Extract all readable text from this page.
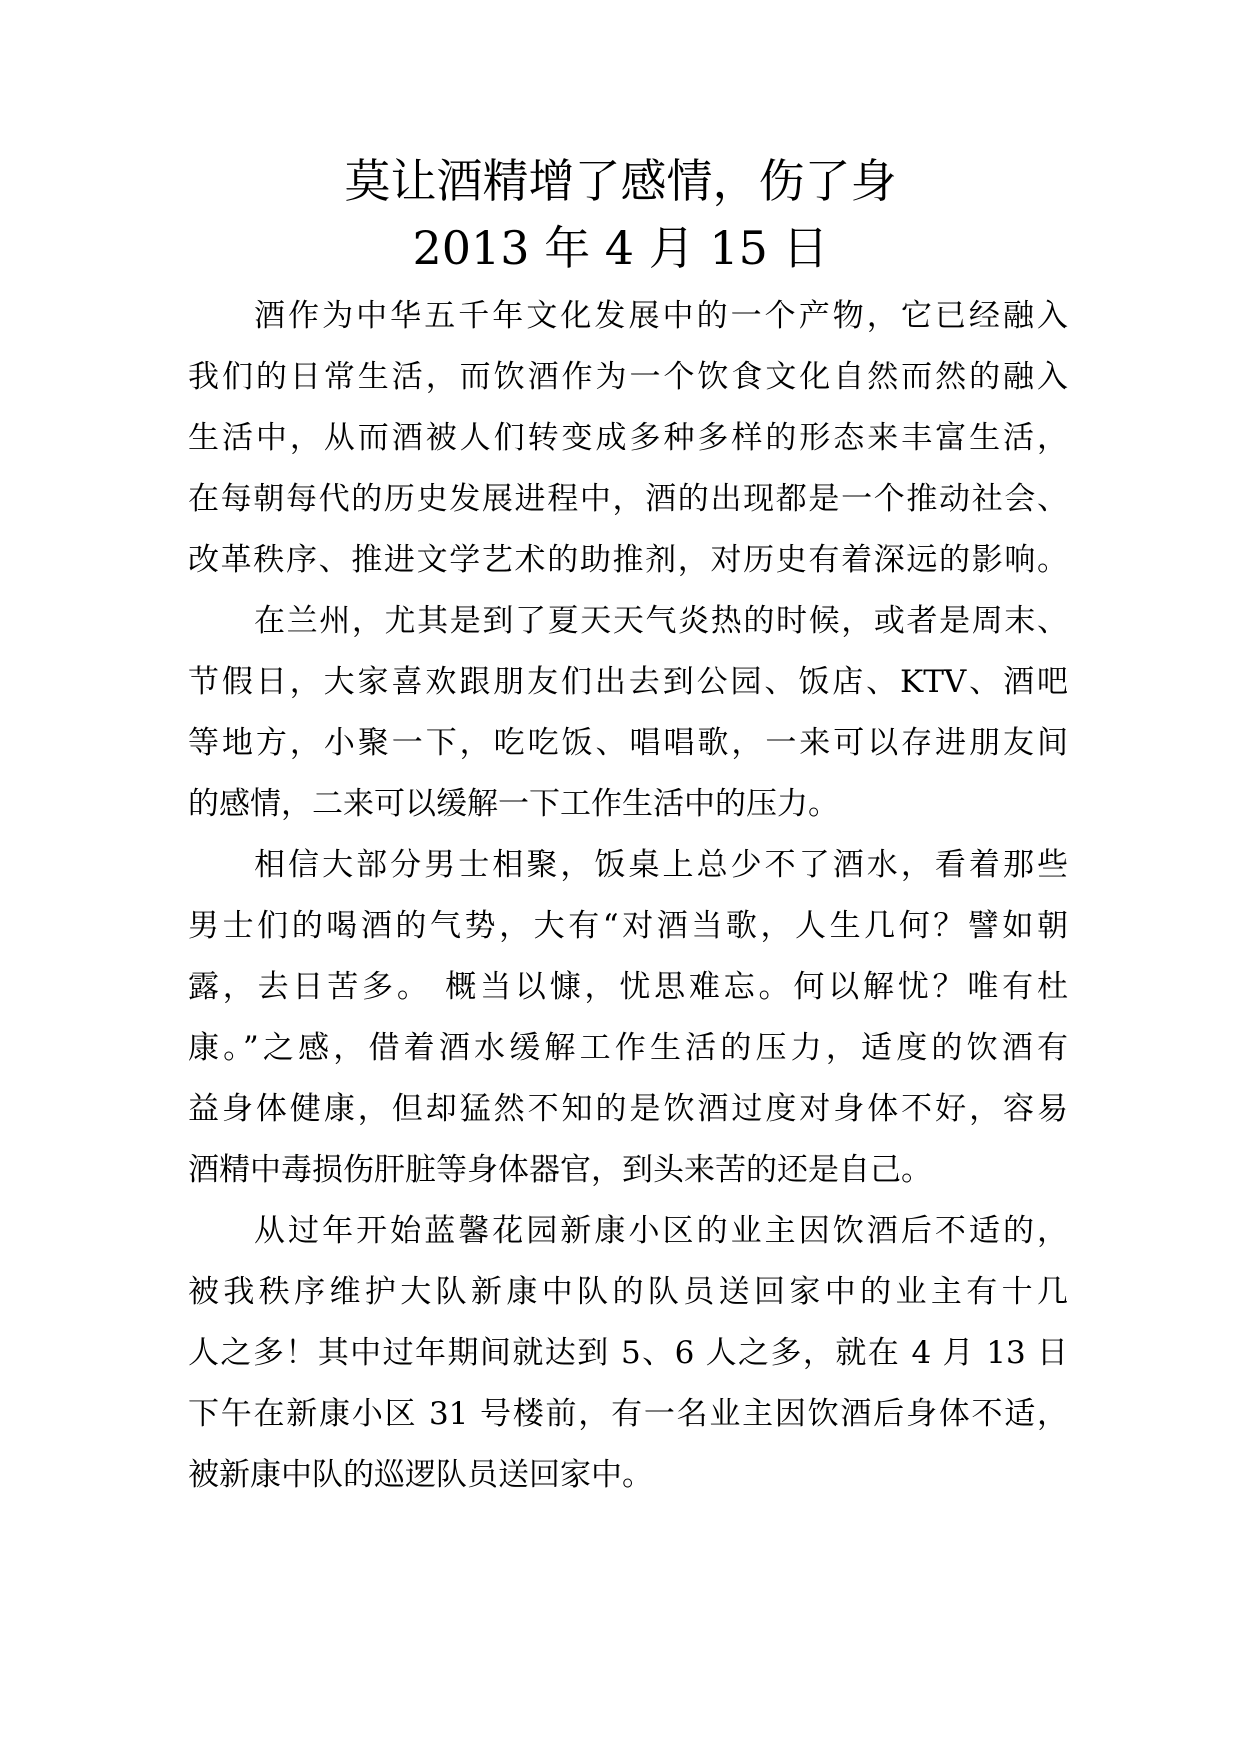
莫让酒精增了感情，伤了身
2013 年 4 月 15 日
酒作为中华五千年文化发展中的一个产物，它已经融入
我们的日常生活，而饮酒作为一个饮食文化自然而然的融入
生活中，从而酒被人们转变成多种多样的形态来丰富生活，
在每朝每代的历史发展进程中，酒的出现都是一个推动社会、
改革秩序、推进文学艺术的助推剂，对历史有着深远的影响。
在兰州，尤其是到了夏天天气炎热的时候，或者是周末、
节假日，大家喜欢跟朋友们出去到公园、饭店、KTV、酒吧
等地方，小聚一下，吃吃饭、唱唱歌，一来可以存进朋友间
的感情，二来可以缓解一下工作生活中的压力。
相信大部分男士相聚，饭桌上总少不了酒水，看着那些
男士们的喝酒的气势，大有“对酒当歌，人生几何？譬如朝
露，去日苦多。 概当以慷，忧思难忘。何以解忧？唯有杜
康。”之感，借着酒水缓解工作生活的压力，适度的饮酒有
益身体健康，但却猛然不知的是饮酒过度对身体不好，容易
酒精中毒损伤肝脏等身体器官，到头来苦的还是自己。
从过年开始蓝馨花园新康小区的业主因饮酒后不适的，
被我秩序维护大队新康中队的队员送回家中的业主有十几
人之多！其中过年期间就达到 5、6 人之多，就在 4 月 13 日
下午在新康小区 31 号楼前，有一名业主因饮酒后身体不适，
被新康中队的巡逻队员送回家中。
